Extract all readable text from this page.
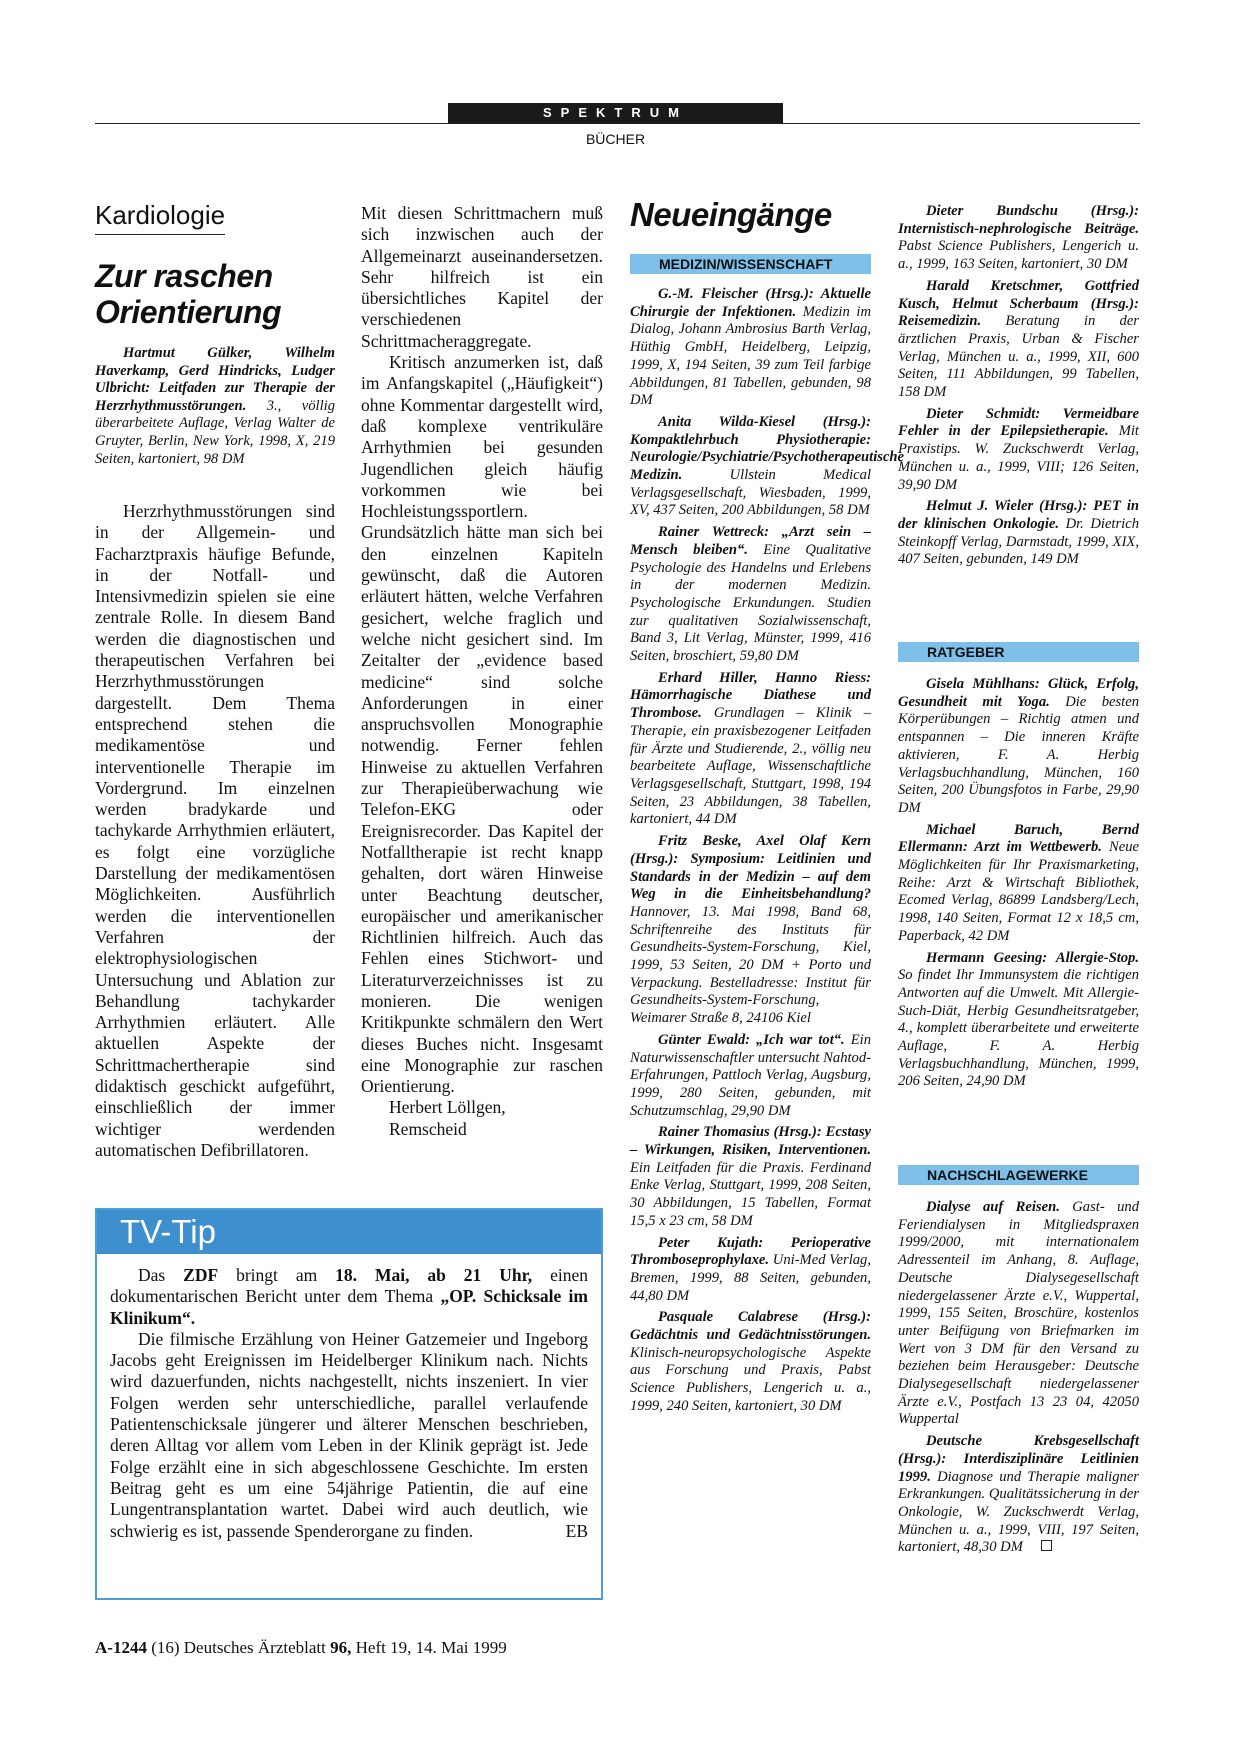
SPEKTRUM
BÜCHER
Kardiologie
Zur raschen Orientierung

Hartmut Gülker, Wilhelm Haverkamp, Gerd Hindricks, Ludger Ulbricht: Leitfaden zur Therapie der Herzrhythmusstörungen. 3., völlig überarbeitete Auflage, Verlag Walter de Gruyter, Berlin, New York, 1998, X, 219 Seiten, kartoniert, 98 DM

Herzrhythmusstörungen sind in der Allgemein- und Facharztpraxis häufige Befunde, in der Notfall- und Intensivmedizin spielen sie eine zentrale Rolle. In diesem Band werden die diagnostischen und therapeutischen Verfahren bei Herzrhythmusstörungen dargestellt. Dem Thema entsprechend stehen die medikamentöse und interventionelle Therapie im Vordergrund. Im einzelnen werden bradykarde und tachykarde Arrhythmien erläutert, es folgt eine vorzügliche Darstellung der medikamentösen Möglichkeiten. Ausführlich werden die interventionellen Verfahren der elektrophysiologischen Untersuchung und Ablation zur Behandlung tachykarder Arrhythmien erläutert. Alle aktuellen Aspekte der Schrittmachertherapie sind didaktisch geschickt aufgeführt, einschließlich der immer wichtiger werdenden automatischen Defibrillatoren.

Mit diesen Schrittmachern muß sich inzwischen auch der Allgemeinarzt auseinandersetzen. Sehr hilfreich ist ein übersichtliches Kapitel der verschiedenen Schrittmacheraggregate.

Kritisch anzumerken ist, daß im Anfangskapitel („Häufigkeit“) ohne Kommentar dargestellt wird, daß komplexe ventrikuläre Arrhythmien bei gesunden Jugendlichen gleich häufig vorkommen wie bei Hochleistungssportlern. Grundsätzlich hätte man sich bei den einzelnen Kapiteln gewünscht, daß die Autoren erläutert hätten, welche Verfahren gesichert, welche fraglich und welche nicht gesichert sind. Im Zeitalter der „evidence based medicine“ sind solche Anforderungen in einer anspruchsvollen Monographie notwendig. Ferner fehlen Hinweise zu aktuellen Verfahren zur Therapieüberwachung wie Telefon-EKG oder Ereignisrecorder. Das Kapitel der Notfalltherapie ist recht knapp gehalten, dort wären Hinweise unter Beachtung deutscher, europäischer und amerikanischer Richtlinien hilfreich. Auch das Fehlen eines Stichwort- und Literaturverzeichnisses ist zu monieren. Die wenigen Kritikpunkte schmälern den Wert dieses Buches nicht. Insgesamt eine Monographie zur raschen Orientierung.

Herbert Löllgen,
Remscheid
TV-Tip

Das ZDF bringt am 18. Mai, ab 21 Uhr, einen dokumentarischen Bericht unter dem Thema „OP. Schicksale im Klinikum“.

Die filmische Erzählung von Heiner Gatzemeier und Ingeborg Jacobs geht Ereignissen im Heidelberger Klinikum nach. Nichts wird dazuerfunden, nichts nachgestellt, nichts inszeniert. In vier Folgen werden sehr unterschiedliche, parallel verlaufende Patientenschicksale jüngerer und älterer Menschen beschrieben, deren Alltag vor allem vom Leben in der Klinik geprägt ist. Jede Folge erzählt eine in sich abgeschlossene Geschichte. Im ersten Beitrag geht es um eine 54jährige Patientin, die auf eine Lungentransplantation wartet. Dabei wird auch deutlich, wie schwierig es ist, passende Spenderorgane zu finden.	EB

A-1244 (16) Deutsches Ärzteblatt 96, Heft 19, 14. Mai 1999
Neueingänge
MEDIZIN/WISSENSCHAFT

G.-M. Fleischer (Hrsg.): Aktuelle Chirurgie der Infektionen. Medizin im Dialog, Johann Ambrosius Barth Verlag, Hüthig GmbH, Heidelberg, Leipzig, 1999, X, 194 Seiten, 39 zum Teil farbige Abbildungen, 81 Tabellen, gebunden, 98 DM

Anita Wilda-Kiesel (Hrsg.): Kompaktlehrbuch Physiotherapie: Neurologie/Psychiatrie/Psychotherapeutische Medizin. Ullstein Medical Verlagsgesellschaft, Wiesbaden, 1999, XV, 437 Seiten, 200 Abbildungen, 58 DM

Rainer Wettreck: „Arzt sein – Mensch bleiben“. Eine Qualitative Psychologie des Handelns und Erlebens in der modernen Medizin. Psychologische Erkundungen. Studien zur qualitativen Sozialwissenschaft, Band 3, Lit Verlag, Münster, 1999, 416 Seiten, broschiert, 59,80 DM

Erhard Hiller, Hanno Riess: Hämorrhagische Diathese und Thrombose. Grundlagen – Klinik – Therapie, ein praxisbezogener Leitfaden für Ärzte und Studierende, 2., völlig neu bearbeitete Auflage, Wissenschaftliche Verlagsgesellschaft, Stuttgart, 1998, 194 Seiten, 23 Abbildungen, 38 Tabellen, kartoniert, 44 DM

Fritz Beske, Axel Olaf Kern (Hrsg.): Symposium: Leitlinien und Standards in der Medizin – auf dem Weg in die Einheitsbehandlung? Hannover, 13. Mai 1998, Band 68, Schriftenreihe des Instituts für Gesundheits-System-Forschung, Kiel, 1999, 53 Seiten, 20 DM + Porto und Verpackung. Bestelladresse: Institut für Gesundheits-System-Forschung, Weimarer Straße 8, 24106 Kiel

Günter Ewald: „Ich war tot“. Ein Naturwissenschaftler untersucht Nahtod-Erfahrungen, Pattloch Verlag, Augsburg, 1999, 280 Seiten, gebunden, mit Schutzumschlag, 29,90 DM

Rainer Thomasius (Hrsg.): Ecstasy – Wirkungen, Risiken, Interventionen. Ein Leitfaden für die Praxis. Ferdinand Enke Verlag, Stuttgart, 1999, 208 Seiten, 30 Abbildungen, 15 Tabellen, Format 15,5 x 23 cm, 58 DM

Peter Kujath: Perioperative Thromboseprophylaxe. Uni-Med Verlag, Bremen, 1999, 88 Seiten, gebunden, 44,80 DM

Pasquale Calabrese (Hrsg.): Gedächtnis und Gedächtnisstörungen. Klinisch-neuropsychologische Aspekte aus Forschung und Praxis, Pabst Science Publishers, Lengerich u. a., 1999, 240 Seiten, kartoniert, 30 DM

Dieter Bundschu (Hrsg.): Internistisch-nephrologische Beiträge. Pabst Science Publishers, Lengerich u. a., 1999, 163 Seiten, kartoniert, 30 DM

Harald Kretschmer, Gottfried Kusch, Helmut Scherbaum (Hrsg.): Reisemedizin. Beratung in der ärztlichen Praxis, Urban & Fischer Verlag, München u. a., 1999, XII, 600 Seiten, 111 Abbildungen, 99 Tabellen, 158 DM

Dieter Schmidt: Vermeidbare Fehler in der Epilepsietherapie. Mit Praxistips. W. Zuckschwerdt Verlag, München u. a., 1999, VIII; 126 Seiten, 39,90 DM

Helmut J. Wieler (Hrsg.): PET in der klinischen Onkologie. Dr. Dietrich Steinkopff Verlag, Darmstadt, 1999, XIX, 407 Seiten, gebunden, 149 DM

RATGEBER

Gisela Mühlhans: Glück, Erfolg, Gesundheit mit Yoga. Die besten Körperübungen – Richtig atmen und entspannen – Die inneren Kräfte aktivieren, F. A. Herbig Verlagsbuchhandlung, München, 160 Seiten, 200 Übungsfotos in Farbe, 29,90 DM

Michael Baruch, Bernd Ellermann: Arzt im Wettbewerb. Neue Möglichkeiten für Ihr Praxismarketing, Reihe: Arzt & Wirtschaft Bibliothek, Ecomed Verlag, 86899 Landsberg/Lech, 1998, 140 Seiten, Format 12 x 18,5 cm, Paperback, 42 DM

Hermann Geesing: Allergie-Stop. So findet Ihr Immunsystem die richtigen Antworten auf die Umwelt. Mit Allergie-Such-Diät, Herbig Gesundheitsratgeber, 4., komplett überarbeitete und erweiterte Auflage, F. A. Herbig Verlagsbuchhandlung, München, 1999, 206 Seiten, 24,90 DM

NACHSCHLAGEWERKE

Dialyse auf Reisen. Gast- und Feriendialysen in Mitgliedspraxen 1999/2000, mit internationalem Adressenteil im Anhang, 8. Auflage, Deutsche Dialysegesellschaft niedergelassener Ärzte e.V., Wuppertal, 1999, 155 Seiten, Broschüre, kostenlos unter Beifügung von Briefmarken im Wert von 3 DM für den Versand zu beziehen beim Herausgeber: Deutsche Dialysegesellschaft niedergelassener Ärzte e.V., Postfach 13 23 04, 42050 Wuppertal

Deutsche Krebsgesellschaft (Hrsg.): Interdisziplinäre Leitlinien 1999. Diagnose und Therapie maligner Erkrankungen. Qualitätssicherung in der Onkologie, W. Zuckschwerdt Verlag, München u. a., 1999, VIII, 197 Seiten, kartoniert, 48,30 DM
